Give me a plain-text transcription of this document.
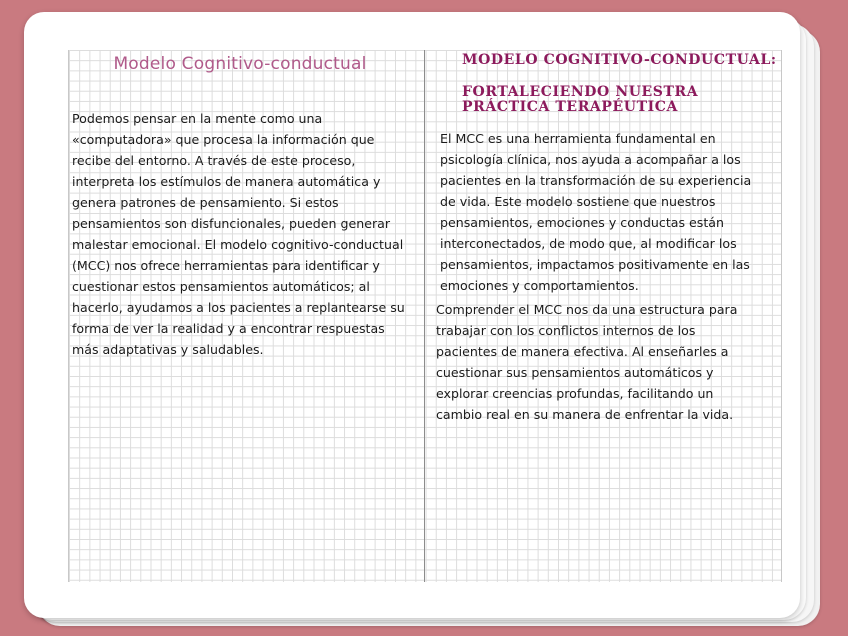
Modelo Cognitivo-conductual
Podemos pensar en la mente como una
«computadora» que procesa la información que
recibe del entorno. A través de este proceso,
interpreta los estímulos de manera automática y
genera patrones de pensamiento. Si estos
pensamientos son disfuncionales, pueden generar
malestar emocional. El modelo cognitivo-conductual
(MCC) nos ofrece herramientas para identificar y
cuestionar estos pensamientos automáticos; al
hacerlo, ayudamos a los pacientes a replantearse su
forma de ver la realidad y a encontrar respuestas
más adaptativas y saludables.
MODELO COGNITIVO-CONDUCTUAL:
FORTALECIENDO NUESTRA PRÁCTICA TERAPÉUTICA
El MCC es una herramienta fundamental en
psicología clínica, nos ayuda a acompañar a los
pacientes en la transformación de su experiencia
de vida. Este modelo sostiene que nuestros
pensamientos, emociones y conductas están
interconectados, de modo que, al modificar los
pensamientos, impactamos positivamente en las
emociones y comportamientos.
Comprender el MCC nos da una estructura para
trabajar con los conflictos internos de los
pacientes de manera efectiva. Al enseñarles a
cuestionar sus pensamientos automáticos y
explorar creencias profundas, facilitando un
cambio real en su manera de enfrentar la vida.
